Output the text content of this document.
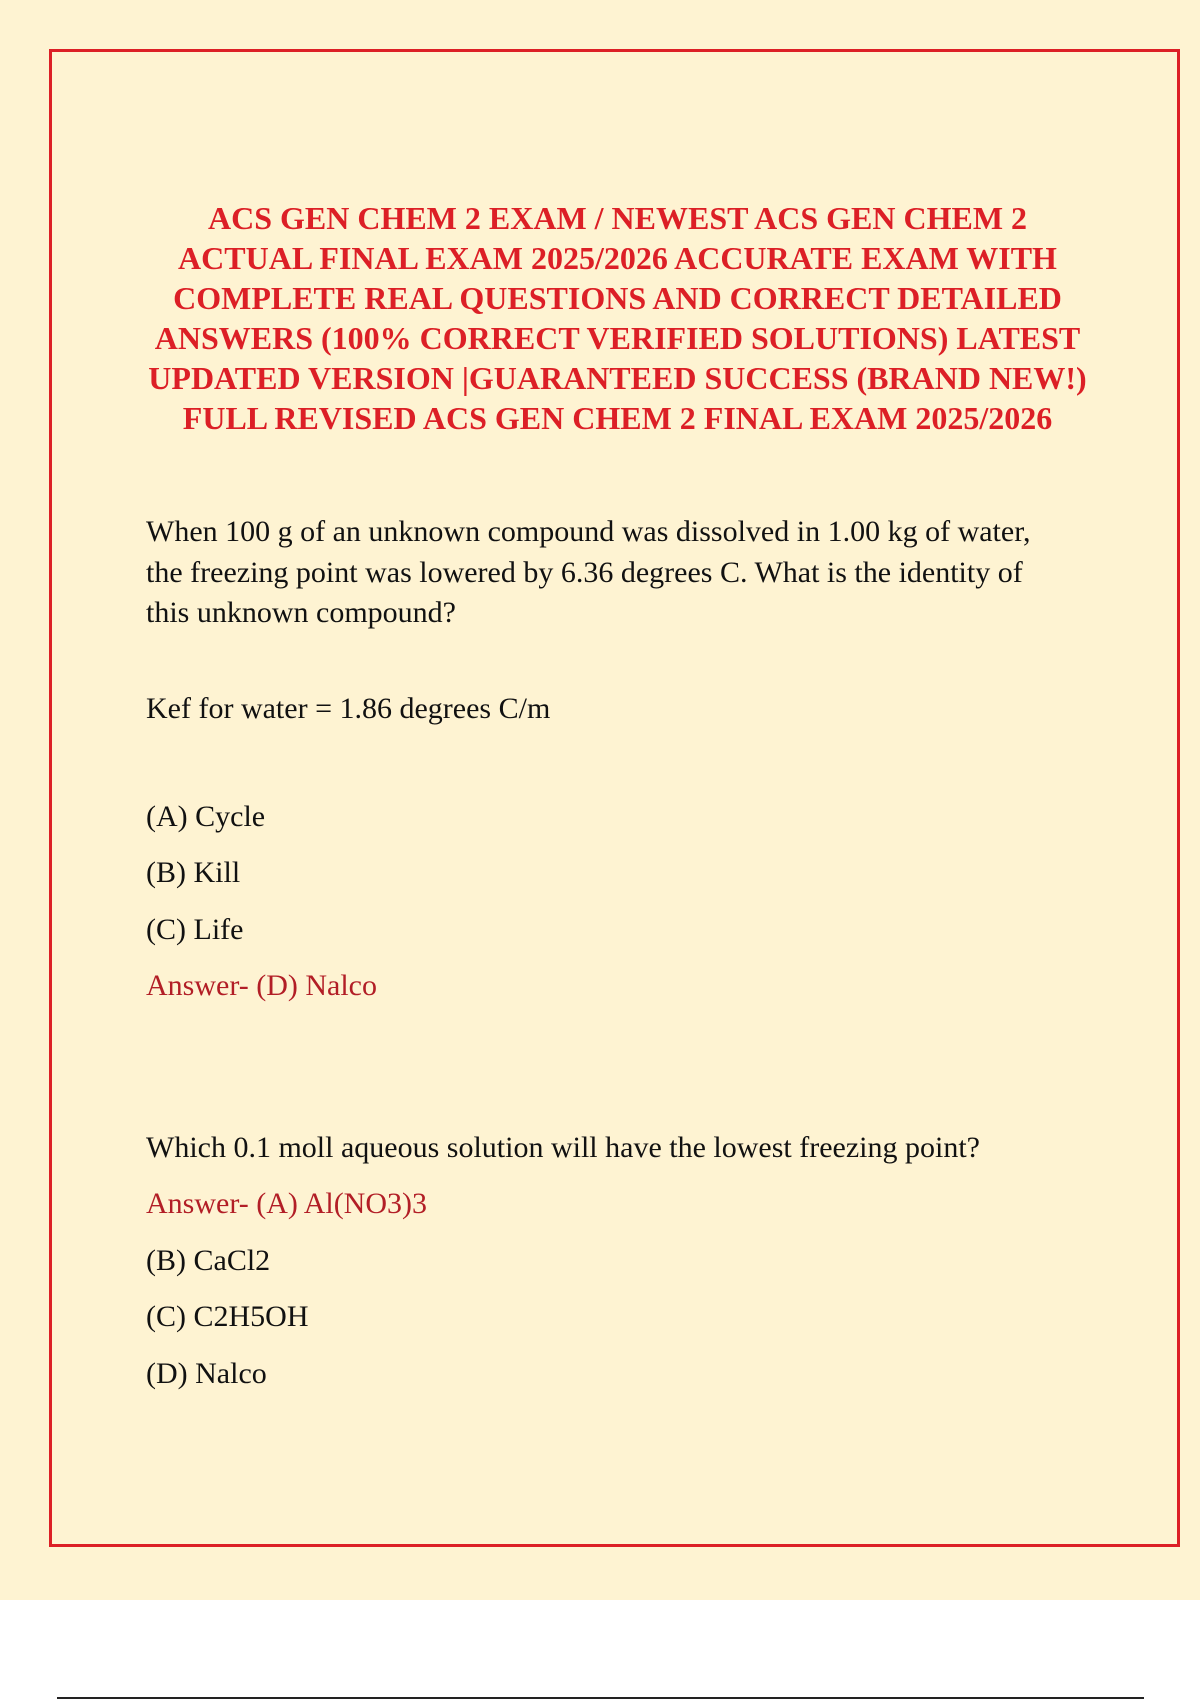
ACS GEN CHEM 2 EXAM / NEWEST ACS GEN CHEM 2 ACTUAL FINAL EXAM 2025/2026 ACCURATE EXAM WITH COMPLETE REAL QUESTIONS AND CORRECT DETAILED ANSWERS (100% CORRECT VERIFIED SOLUTIONS) LATEST UPDATED VERSION |GUARANTEED SUCCESS (BRAND NEW!) FULL REVISED ACS GEN CHEM 2 FINAL EXAM 2025/2026

When 100 g of an unknown compound was dissolved in 1.00 kg of water, the freezing point was lowered by 6.36 degrees C. What is the identity of this unknown compound?

Kef for water = 1.86 degrees C/m

(A) Cycle

(B) Kill

(C) Life

Answer- (D) Nalco

Which 0.1 moll aqueous solution will have the lowest freezing point?

Answer- (A) Al(NO3)3

(B) CaCl2

(C) C2H5OH

(D) Nalco
